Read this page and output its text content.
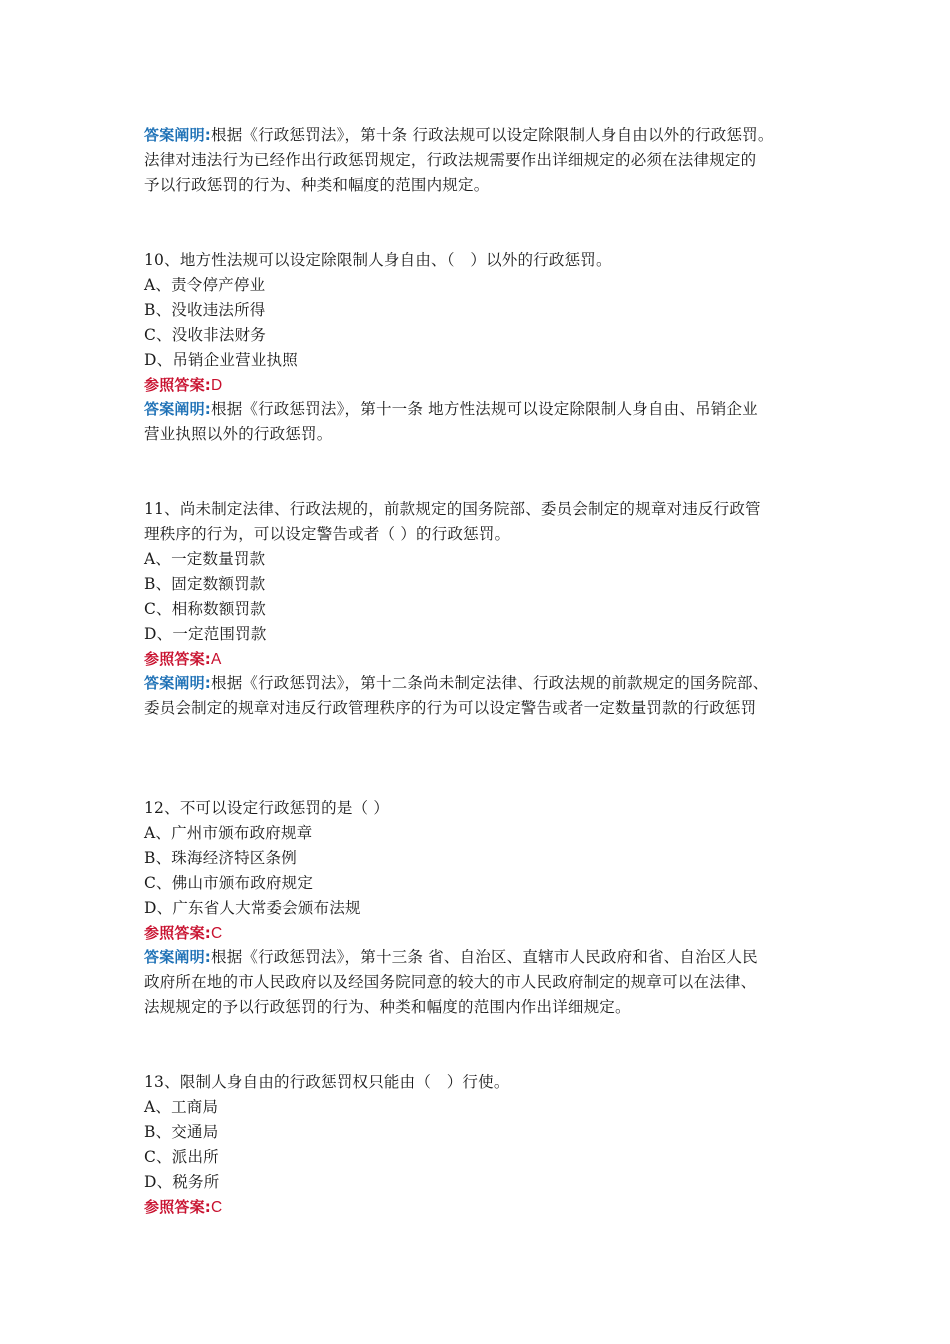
答案阐明:根据《行政惩罚法》，第十条 行政法规可以设定除限制人身自由以外的行政惩罚。
法律对违法行为已经作出行政惩罚规定，行政法规需要作出详细规定的必须在法律规定的
予以行政惩罚的行为、种类和幅度的范围内规定。
10、地方性法规可以设定除限制人身自由、（　）以外的行政惩罚。
A、责令停产停业
B、没收违法所得
C、没收非法财务
D、吊销企业营业执照
参照答案:D
答案阐明:根据《行政惩罚法》，第十一条 地方性法规可以设定除限制人身自由、吊销企业
营业执照以外的行政惩罚。
11、尚未制定法律、行政法规的，前款规定的国务院部、委员会制定的规章对违反行政管
理秩序的行为，可以设定警告或者（ ）的行政惩罚。
A、一定数量罚款
B、固定数额罚款
C、相称数额罚款
D、一定范围罚款
参照答案:A
答案阐明:根据《行政惩罚法》，第十二条尚未制定法律、行政法规的前款规定的国务院部、
委员会制定的规章对违反行政管理秩序的行为可以设定警告或者一定数量罚款的行政惩罚
12、不可以设定行政惩罚的是（ ）
A、广州市颁布政府规章
B、珠海经济特区条例
C、佛山市颁布政府规定
D、广东省人大常委会颁布法规
参照答案:C
答案阐明:根据《行政惩罚法》，第十三条 省、自治区、直辖市人民政府和省、自治区人民
政府所在地的市人民政府以及经国务院同意的较大的市人民政府制定的规章可以在法律、
法规规定的予以行政惩罚的行为、种类和幅度的范围内作出详细规定。
13、限制人身自由的行政惩罚权只能由（　）行使。
A、工商局
B、交通局
C、派出所
D、税务所
参照答案:C
